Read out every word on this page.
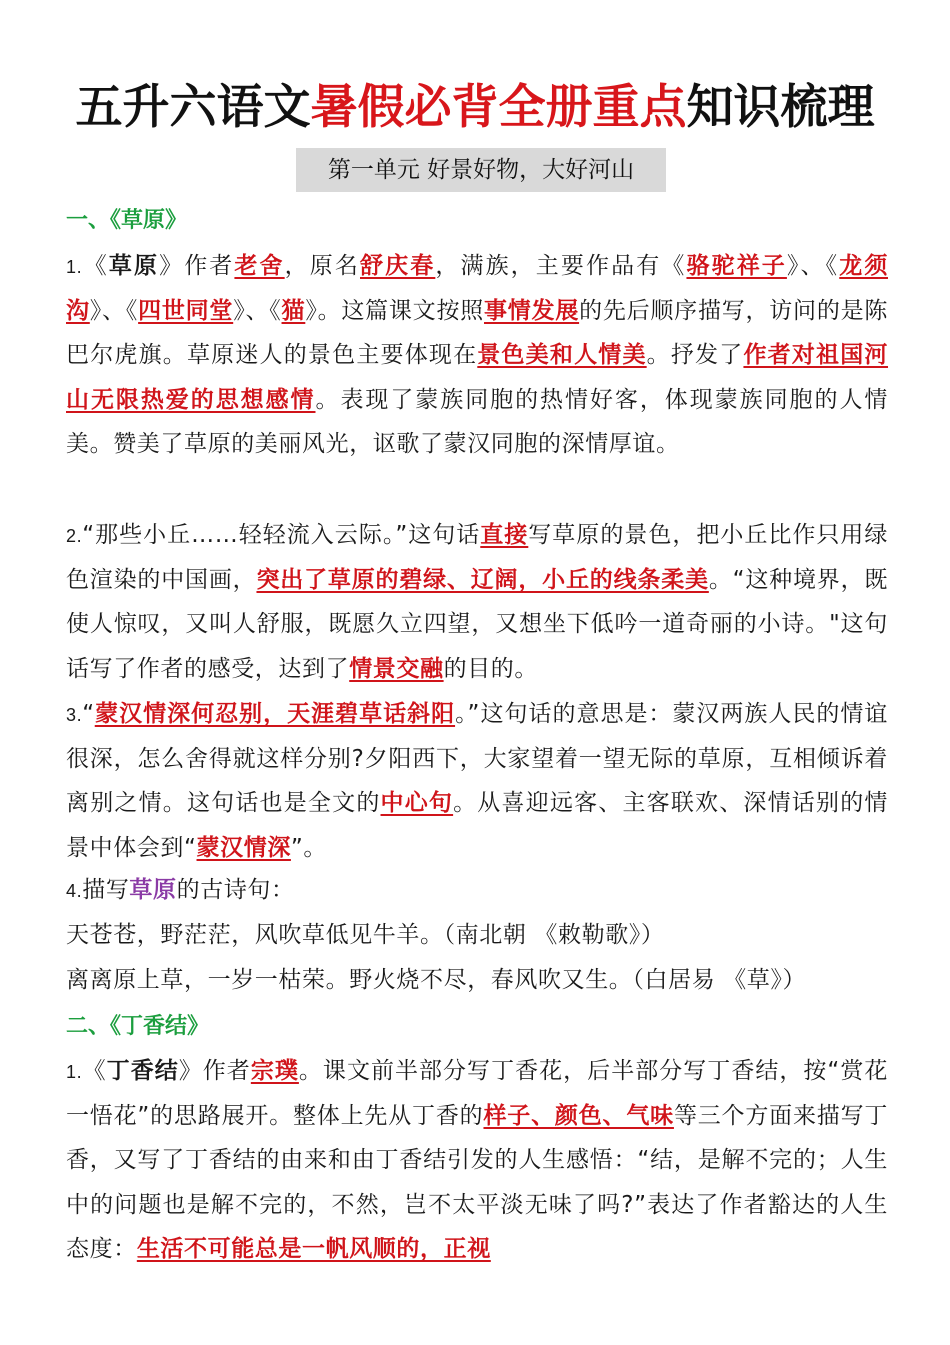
五升六语文暑假必背全册重点知识梳理
第一单元 好景好物，大好河山
一、《草原》
1.《草原》作者老舍，原名舒庆春，满族，主要作品有《骆驼祥子》、《龙须沟》、《四世同堂》、《猫》。这篇课文按照事情发展的先后顺序描写，访问的是陈巴尔虎旗。草原迷人的景色主要体现在景色美和人情美。抒发了作者对祖国河山无限热爱的思想感情。表现了蒙族同胞的热情好客，体现蒙族同胞的人情美。赞美了草原的美丽风光，讴歌了蒙汉同胞的深情厚谊。
2.“那些小丘……轻轻流入云际。”这句话直接写草原的景色，把小丘比作只用绿色渲染的中国画，突出了草原的碧绿、辽阔，小丘的线条柔美。“这种境界，既使人惊叹，又叫人舒服，既愿久立四望，又想坐下低吟一道奇丽的小诗。"这句话写了作者的感受，达到了情景交融的目的。
3.“蒙汉情深何忍别，天涯碧草话斜阳。”这句话的意思是：蒙汉两族人民的情谊很深，怎么舍得就这样分别?夕阳西下，大家望着一望无际的草原，互相倾诉着离别之情。这句话也是全文的中心句。从喜迎远客、主客联欢、深情话别的情景中体会到“蒙汉情深”。
4.描写草原的古诗句：
天苍苍，野茫茫，风吹草低见牛羊。（南北朝 《敕勒歌》）
离离原上草，一岁一枯荣。野火烧不尽，春风吹又生。（白居易 《草》）
二、《丁香结》
1.《丁香结》作者宗璞。课文前半部分写丁香花，后半部分写丁香结，按“赏花一悟花”的思路展开。整体上先从丁香的样子、颜色、气味等三个方面来描写丁香，又写了丁香结的由来和由丁香结引发的人生感悟：“结，是解不完的；人生中的问题也是解不完的，不然，岂不太平淡无味了吗?”表达了作者豁达的人生态度：生活不可能总是一帆风顺的，正视
